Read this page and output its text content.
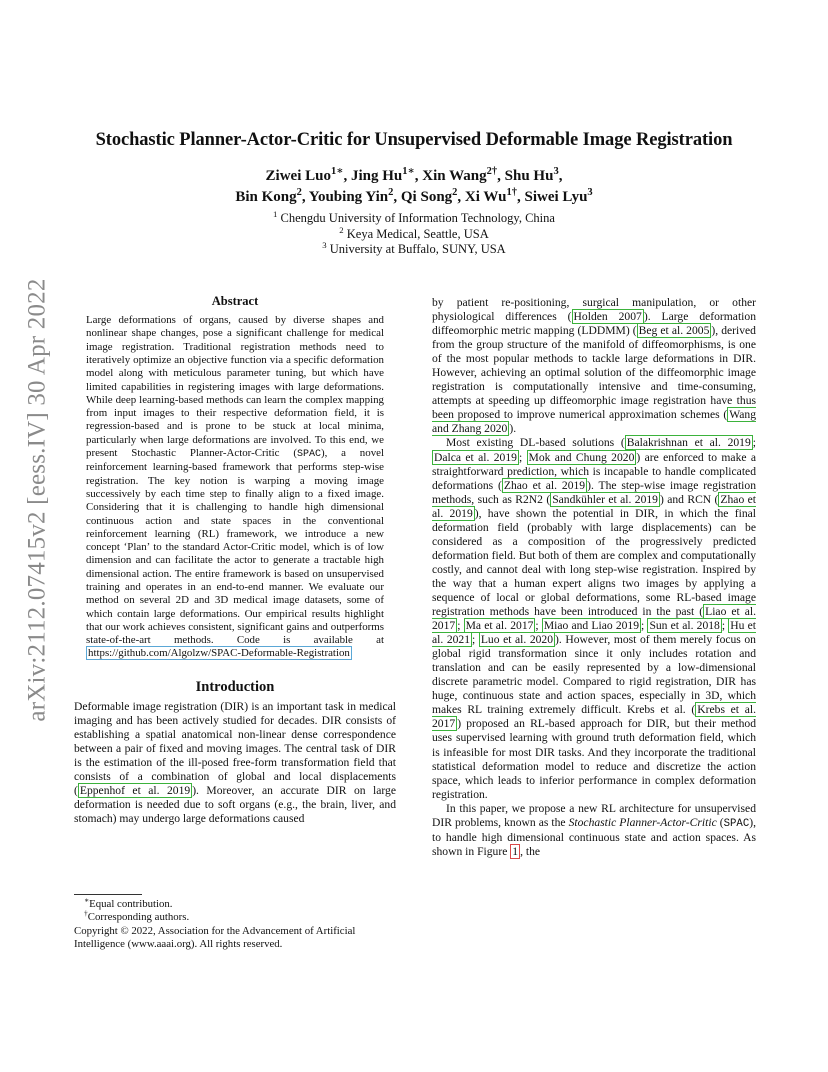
arXiv:2112.07415v2 [eess.IV] 30 Apr 2022
Stochastic Planner-Actor-Critic for Unsupervised Deformable Image Registration
Ziwei Luo$^{1∗}$, Jing $Hu^{1∗}$, Xin Wang$^{2\dagger}$, Shu Hu$^3$,
Bin Kong$^2$, Youbing Yin$^2$, Qi Song$^2$, Xi $Wu^{1\dagger}$, Siwei Lyu$^3$
$^1$ Chengdu University of Information Technology, China
$^2$ Keya Medical, Seattle, USA
$^3$ University at Buffalo, SUNY, USA
Abstract

Large deformations of organs, caused by diverse shapes and nonlinear shape changes, pose a significant challenge for medical image registration. Traditional registration methods need to iteratively optimize an objective function via a specific deformation model along with meticulous parameter tuning, but which have limited capabilities in registering images with large deformations. While deep learning-based methods can learn the complex mapping from input images to their respective deformation field, it is regression-based and is prone to be stuck at local minima, particularly when large deformations are involved. To this end, we present Stochastic Planner-Actor-Critic (SPAC), a novel reinforcement learning-based framework that performs step-wise registration. The key notion is warping a moving image successively by each time step to finally align to a fixed image. Considering that it is challenging to handle high dimensional continuous action and state spaces in the conventional reinforcement learning (RL) framework, we introduce a new concept ‘Plan’ to the standard Actor-Critic model, which is of low dimension and can facilitate the actor to generate a tractable high dimensional action. The entire framework is based on unsupervised training and operates in an end-to-end manner. We evaluate our method on several 2D and 3D medical image datasets, some of which contain large deformations. Our empirical results highlight that our work achieves consistent, significant gains and outperforms state-of-the-art methods. Code is available at https://github.com/Algolzw/SPAC-Deformable-Registration

Introduction

Deformable image registration (DIR) is an important task in medical imaging and has been actively studied for decades. DIR consists of establishing a spatial anatomical non-linear dense correspondence between a pair of fixed and moving images. The central task of DIR is the estimation of the ill-posed free-form transformation field that consists of a combination of global and local displacements ( Eppenhof et al. 2019 ). Moreover, an accurate DIR on large deformation is needed due to soft organs (e.g., the brain, liver, and stomach) may undergo large deformations caused

∗Equal contribution.
†Corresponding authors.
Copyright © 2022, Association for the Advancement of Artificial Intelligence (www.aaai.org). All rights reserved.

by patient re-positioning, surgical manipulation, or other physiological differences ( Holden 2007 ). Large deformation diffeomorphic metric mapping (LDDMM) ( Beg et al. 2005 ), derived from the group structure of the manifold of diffeomorphisms, is one of the most popular methods to tackle large deformations in DIR. However, achieving an optimal solution of the diffeomorphic image registration is computationally intensive and time-consuming, attempts at speeding up diffeomorphic image registration have thus been proposed to improve numerical approximation schemes ( Wang and Zhang 2020 ).

Most existing DL-based solutions ( Balakrishnan et al. 2019 ; Dalca et al. 2019 ; Mok and Chung 2020 ) are enforced to make a straightforward prediction, which is incapable to handle complicated deformations ( Zhao et al. 2019 ). The step-wise image registration methods, such as R2N2 ( Sandkühler et al. 2019 ) and RCN ( Zhao et al. 2019 ), have shown the potential in DIR, in which the final deformation field (probably with large displacements) can be considered as a composition of the progressively predicted deformation field. But both of them are complex and computationally costly, and cannot deal with long step-wise registration. Inspired by the way that a human expert aligns two images by applying a sequence of local or global deformations, some RL-based image registration methods have been introduced in the past ( Liao et al. 2017 ; Ma et al. 2017 ; Miao and Liao 2019 ; Sun et al. 2018 ; Hu et al. 2021 ; Luo et al. 2020 ). However, most of them merely focus on global rigid transformation since it only includes rotation and translation and can be easily represented by a low-dimensional discrete parametric model. Compared to rigid registration, DIR has huge, continuous state and action spaces, especially in 3D, which makes RL training extremely difficult. Krebs et al. ( Krebs et al. 2017 ) proposed an RL-based approach for DIR, but their method uses supervised learning with ground truth deformation field, which is infeasible for most DIR tasks. And they incorporate the traditional statistical deformation model to reduce and discretize the action space, which leads to inferior performance in complex deformation registration.

In this paper, we propose a new RL architecture for unsupervised DIR problems, known as the Stochastic Planner-Actor-Critic (SPAC), to handle high dimensional continuous state and action spaces. As shown in Figure 1 , the
